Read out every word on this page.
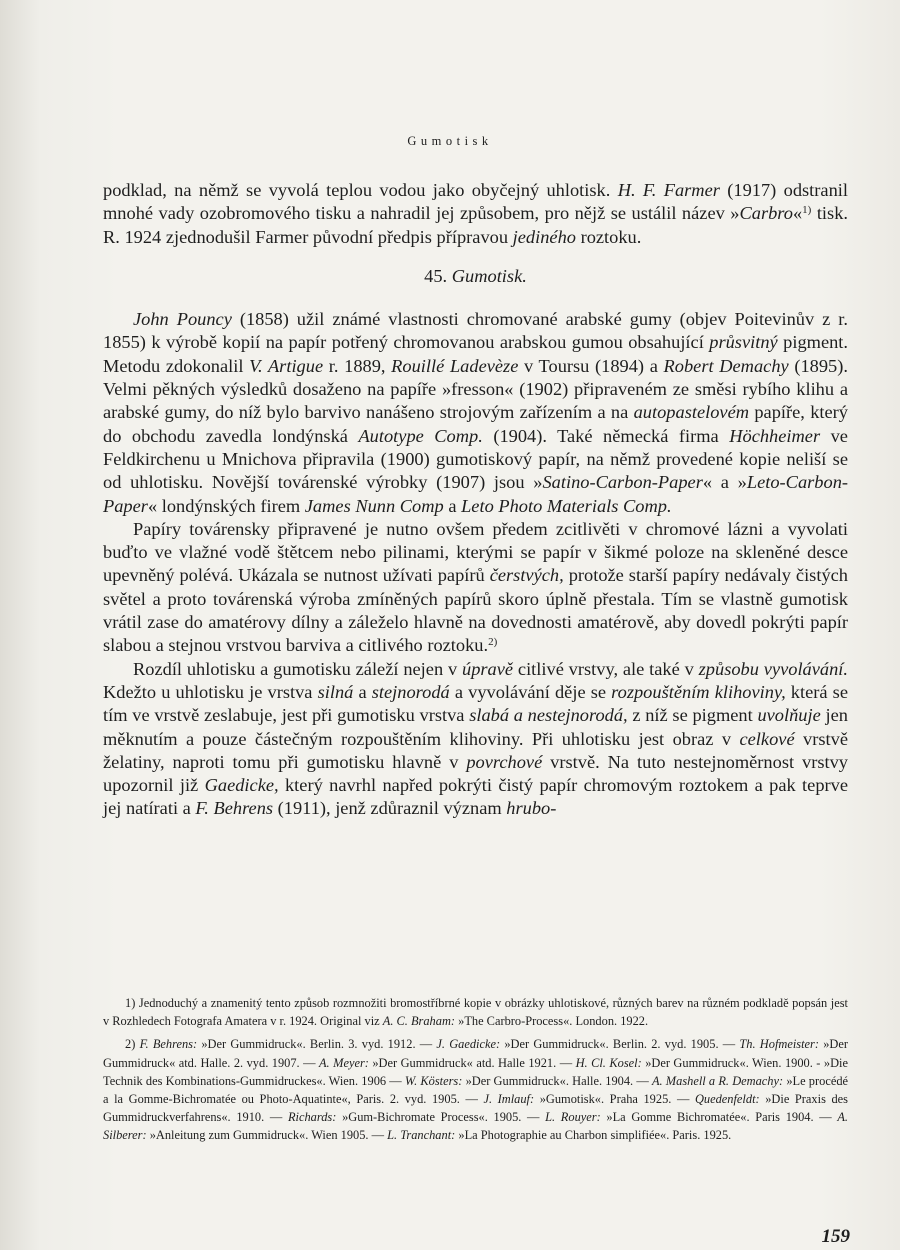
Gumotisk

podklad, na němž se vyvolá teplou vodou jako obyčejný uhlotisk. H. F. Farmer (1917) odstranil mnohé vady ozobromového tisku a nahradil jej způsobem, pro nějž se ustálil název »Carbro«$^{1)}$ tisk. R. 1924 zjednodušil Farmer původní předpis přípravou jediného roztoku.

45. Gumotisk.

John Pouncy (1858) užil známé vlastnosti chromované arabské gumy (objev Poitevinův z r. 1855) k výrobě kopií na papír potřený chromovanou arabskou gumou obsahující průsvitný pigment. Metodu zdokonalil V. Artigue r. 1889, Rouillé Ladevèze v Toursu (1894) a Robert Demachy (1895). Velmi pěkných výsledků dosaženo na papíře »fresson« (1902) připraveném ze směsi rybího klihu a arabské gumy, do níž bylo barvivo nanášeno strojovým zařízením a na autopastelovém papíře, který do obchodu zavedla londýnská Autotype Comp. (1904). Také německá firma Höchheimer ve Feldkirchenu u Mnichova připravila (1900) gumotiskový papír, na němž provedené kopie neliší se od uhlotisku. Novější továrenské výrobky (1907) jsou »Satino-Carbon-Paper« a »Leto-Carbon-Paper« londýnských firem James Nunn Comp a Leto Photo Materials Comp.

Papíry továrensky připravené je nutno ovšem předem zcitlivěti v chromové lázni a vyvolati buďto ve vlažné vodě štětcem nebo pilinami, kterými se papír v šikmé poloze na skleněné desce upevněný polévá. Ukázala se nutnost užívati papírů čerstvých, protože starší papíry nedávaly čistých světel a proto továrenská výroba zmíněných papírů skoro úplně přestala. Tím se vlastně gumotisk vrátil zase do amatérovy dílny a záleželo hlavně na dovednosti amatérově, aby dovedl pokrýti papír slabou a stejnou vrstvou barviva a citlivého roztoku.$^{2)}$

Rozdíl uhlotisku a gumotisku záleží nejen v úpravě citlivé vrstvy, ale také v způsobu vyvolávání. Kdežto u uhlotisku je vrstva silná a stejnorodá a vyvolávání děje se rozpouštěním klihoviny, která se tím ve vrstvě zeslabuje, jest při gumotisku vrstva slabá a nestejnorodá, z níž se pigment uvolňuje jen měknutím a pouze částečným rozpouštěním klihoviny. Při uhlotisku jest obraz v celkové vrstvě želatiny, naproti tomu při gumotisku hlavně v povrchové vrstvě. Na tuto nestejnoměrnost vrstvy upozornil již Gaedicke, který navrhl napřed pokrýti čistý papír chromovým roztokem a pak teprve jej natírati a F. Behrens (1911), jenž zdůraznil význam hrubo-

1) Jednoduchý a znamenitý tento způsob rozmnožiti bromostříbrné kopie v obrázky uhlotiskové, různých barev na různém podkladě popsán jest v Rozhledech Fotografa Amatera v r. 1924. Original viz A. C. Braham: »The Carbro-Process«. London. 1922.

2) F. Behrens: »Der Gummidruck«. Berlin. 3. vyd. 1912. — J. Gaedicke: »Der Gummidruck«. Berlin. 2. vyd. 1905. — Th. Hofmeister: »Der Gummidruck« atd. Halle. 2. vyd. 1907. — A. Meyer: »Der Gummidruck« atd. Halle 1921. — H. Cl. Kosel: »Der Gummidruck«. Wien. 1900. - »Die Technik des Kombinations-Gummidruckes«. Wien. 1906 — W. Kösters: »Der Gummidruck«. Halle. 1904. — A. Mashell a R. Demachy: »Le procédé a la Gomme-Bichromatée ou Photo-Aquatinte«, Paris. 2. vyd. 1905. — J. Imlauf: »Gumotisk«. Praha 1925. — Quedenfeldt: »Die Praxis des Gummidruckverfahrens«. 1910. — Richards: »Gum-Bichromate Process«. 1905. — L. Rouyer: »La Gomme Bichromatée«. Paris 1904. — A. Silberer: »Anleitung zum Gummidruck«. Wien 1905. — L. Tranchant: »La Photographie au Charbon simplifiée«. Paris. 1925.

159
